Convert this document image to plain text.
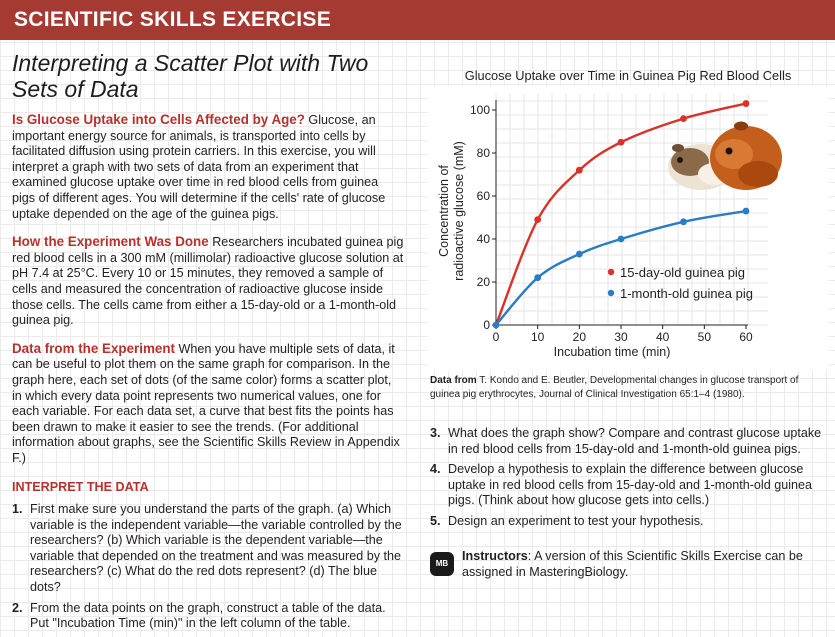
SCIENTIFIC SKILLS EXERCISE
Interpreting a Scatter Plot with Two Sets of Data

Is Glucose Uptake into Cells Affected by Age? Glucose, an important energy source for animals, is transported into cells by facilitated diffusion using protein carriers. In this exercise, you will interpret a graph with two sets of data from an experiment that examined glucose uptake over time in red blood cells from guinea pigs of different ages. You will determine if the cells' rate of glucose uptake depended on the age of the guinea pigs.

How the Experiment Was Done Researchers incubated guinea pig red blood cells in a 300 mM (millimolar) radioactive glucose solution at pH 7.4 at 25°C. Every 10 or 15 minutes, they removed a sample of cells and measured the concentration of radioactive glucose inside those cells. The cells came from either a 15-day-old or a 1-month-old guinea pig.

Data from the Experiment When you have multiple sets of data, it can be useful to plot them on the same graph for comparison. In the graph here, each set of dots (of the same color) forms a scatter plot, in which every data point represents two numerical values, one for each variable. For each data set, a curve that best fits the points has been drawn to make it easier to see the trends. (For additional information about graphs, see the Scientific Skills Review in Appendix F.)

INTERPRET THE DATA
1. First make sure you understand the parts of the graph. (a) Which variable is the independent variable—the variable controlled by the researchers? (b) Which variable is the dependent variable—the variable that depended on the treatment and was measured by the researchers? (c) What do the red dots represent? (d) The blue dots?
2. From the data points on the graph, construct a table of the data. Put "Incubation Time (min)" in the left column of the table.
Glucose Uptake over Time in Guinea Pig Red Blood Cells
0	10 20 30 40 50 60
0
20
40
60
80
100
Incubation time (min)
Concentration of radioactive glucose (mM)	15-day-old guinea pig
1-month-old guinea pig
Data from T. Kondo and E. Beutler, Developmental changes in glucose transport of guinea pig erythrocytes, Journal of Clinical Investigation 65:1–4 (1980).
3. What does the graph show? Compare and contrast glucose uptake in red blood cells from 15-day-old and 1-month-old guinea pigs.
4. Develop a hypothesis to explain the difference between glucose uptake in red blood cells from 15-day-old and 1-month-old guinea pigs. (Think about how glucose gets into cells.)
5. Design an experiment to test your hypothesis.
MB
Instructors: A version of this Scientific Skills Exercise can be assigned in MasteringBiology.
